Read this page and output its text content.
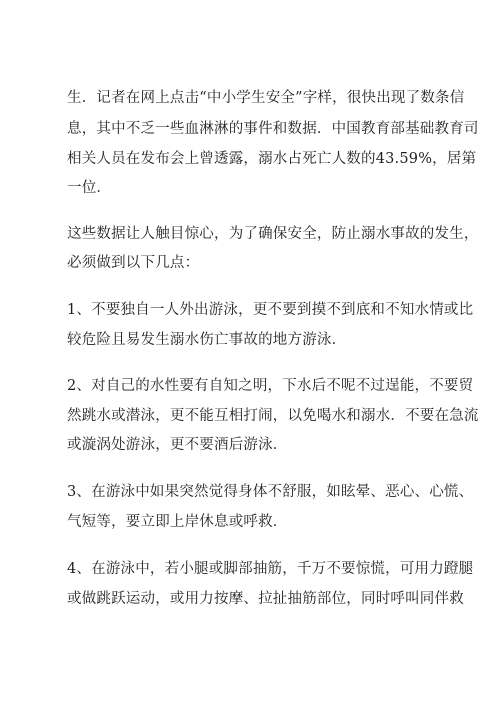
生．记者在网上点击“中小学生安全”字样，很快出现了数条信
息，其中不乏一些血淋淋的事件和数据．中国教育部基础教育司
相关人员在发布会上曾透露，溺水占死亡人数的43.59%，居第
一位．
这些数据让人触目惊心，为了确保安全，防止溺水事故的发生，
必须做到以下几点：
1、不要独自一人外出游泳，更不要到摸不到底和不知水情或比
较危险且易发生溺水伤亡事故的地方游泳．
2、对自己的水性要有自知之明，下水后不呢不过逞能，不要贸
然跳水或潜泳，更不能互相打闹，以免喝水和溺水．不要在急流
或漩涡处游泳，更不要酒后游泳．
3、在游泳中如果突然觉得身体不舒服，如眩晕、恶心、心慌、
气短等，要立即上岸休息或呼救．
4、在游泳中，若小腿或脚部抽筋，千万不要惊慌，可用力蹬腿
或做跳跃运动，或用力按摩、拉扯抽筋部位，同时呼叫同伴救
